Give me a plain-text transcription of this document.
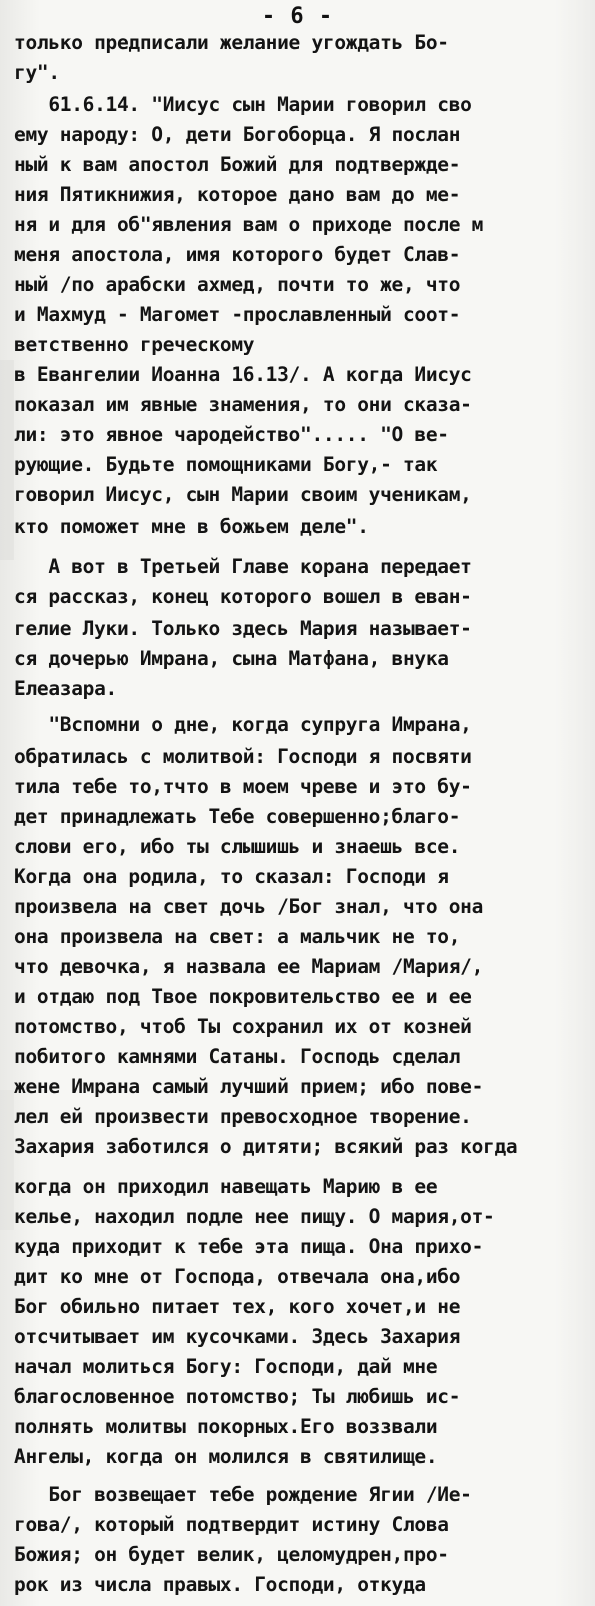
- 6 -
только предписали желание угождать Бо-
гу".
61.6.14. "Иисус сын Марии говорил сво
ему народу: О, дети Богоборца. Я послан
ный к вам апостол Божий для подтвержде-
ния Пятикнижия, которое дано вам до ме-
ня и для об"явления вам о приходе после м
меня апостола, имя которого будет Слав-
ный /по арабски ахмед, почти то же, что
и Махмуд - Магомет -прославленный соот-
ветственно греческому
в Евангелии Иоанна 16.13/. А когда Иисус
показал им явные знамения, то они сказа-
ли: это явное чародейство"..... "О ве-
рующие. Будьте помощниками Богу,- так
говорил Иисус, сын Марии своим ученикам,
кто поможет мне в божьем деле".
А вот в Третьей Главе корана передает
ся рассказ, конец которого вошел в еван-
гелие Луки. Только здесь Мария называет-
ся дочерью Имрана, сына Матфана, внука
Елеазара.
"Вспомни о дне, когда супруга Имрана,
обратилась с молитвой: Господи я посвяти
тила тебе то,тчто в моем чреве и это бу-
дет принадлежать Тебе совершенно;благо-
слови его, ибо ты слышишь и знаешь все.
Когда она родила, то сказал: Господи я
произвела на свет дочь /Бог знал, что она
она произвела на свет: а мальчик не то,
что девочка, я назвала ее Мариам /Мария/,
и отдаю под Твое покровительство ее и ее
потомство, чтоб Ты сохранил их от козней
побитого камнями Сатаны. Господь сделал
жене Имрана самый лучший прием; ибо пове-
лел ей произвести превосходное творение.
Захария заботился о дитяти; всякий раз когда
когда он приходил навещать Марию в ее
келье, находил подле нее пищу. О мария,от-
куда приходит к тебе эта пища. Она прихо-
дит ко мне от Господа, отвечала она,ибо
Бог обильно питает тех, кого хочет,и не
отсчитывает им кусочками. Здесь Захария
начал молиться Богу: Господи, дай мне
благословенное потомство; Ты любишь ис-
полнять молитвы покорных.Его воззвали
Ангелы, когда он молился в святилище.
Бог возвещает тебе рождение Ягии /Ие-
гова/, который подтвердит истину Слова
Божия; он будет велик, целомудрен,про-
рок из числа правых. Господи, откуда
